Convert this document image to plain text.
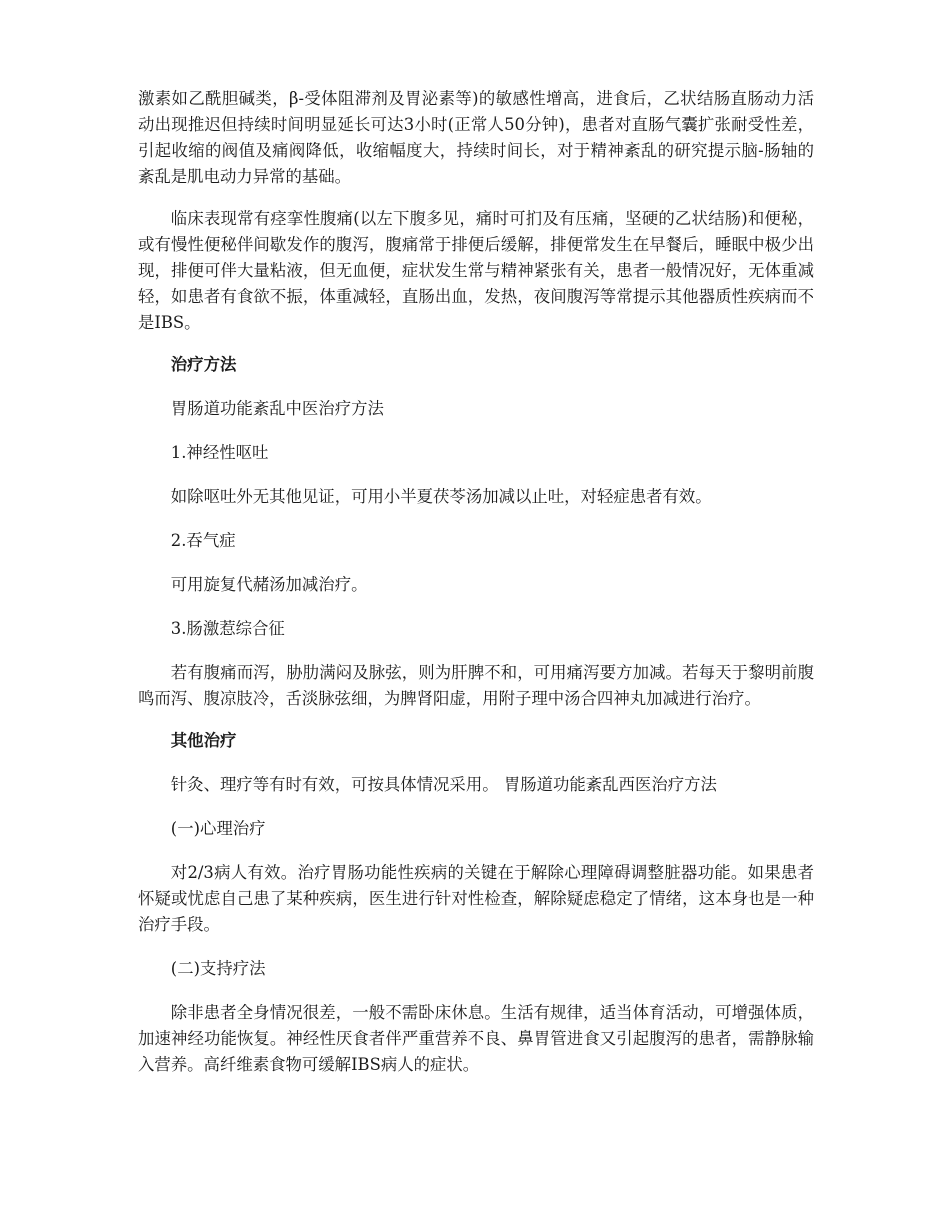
激素如乙酰胆碱类，β-受体阻滞剂及胃泌素等)的敏感性增高，进食后，乙状结肠直肠动力活动出现推迟但持续时间明显延长可达3小时(正常人50分钟)，患者对直肠气囊扩张耐受性差，引起收缩的阀值及痛阀降低，收缩幅度大，持续时间长，对于精神紊乱的研究提示脑-肠轴的紊乱是肌电动力异常的基础。

临床表现常有痉挛性腹痛(以左下腹多见，痛时可扪及有压痛，坚硬的乙状结肠)和便秘，或有慢性便秘伴间歇发作的腹泻，腹痛常于排便后缓解，排便常发生在早餐后，睡眠中极少出现，排便可伴大量粘液，但无血便，症状发生常与精神紧张有关，患者一般情况好，无体重减轻，如患者有食欲不振，体重减轻，直肠出血，发热，夜间腹泻等常提示其他器质性疾病而不是IBS。

治疗方法

胃肠道功能紊乱中医治疗方法

1.神经性呕吐

如除呕吐外无其他见证，可用小半夏茯苓汤加减以止吐，对轻症患者有效。

2.吞气症

可用旋复代赭汤加减治疗。

3.肠激惹综合征

若有腹痛而泻，胁肋满闷及脉弦，则为肝脾不和，可用痛泻要方加减。若每天于黎明前腹鸣而泻、腹凉肢冷，舌淡脉弦细，为脾肾阳虚，用附子理中汤合四神丸加减进行治疗。

其他治疗

针灸、理疗等有时有效，可按具体情况采用。 胃肠道功能紊乱西医治疗方法

(一)心理治疗

对2/3病人有效。治疗胃肠功能性疾病的关键在于解除心理障碍调整脏器功能。如果患者怀疑或忧虑自己患了某种疾病，医生进行针对性检查，解除疑虑稳定了情绪，这本身也是一种治疗手段。

(二)支持疗法

除非患者全身情况很差，一般不需卧床休息。生活有规律，适当体育活动，可增强体质，加速神经功能恢复。神经性厌食者伴严重营养不良、鼻胃管进食又引起腹泻的患者，需静脉输入营养。高纤维素食物可缓解IBS病人的症状。
